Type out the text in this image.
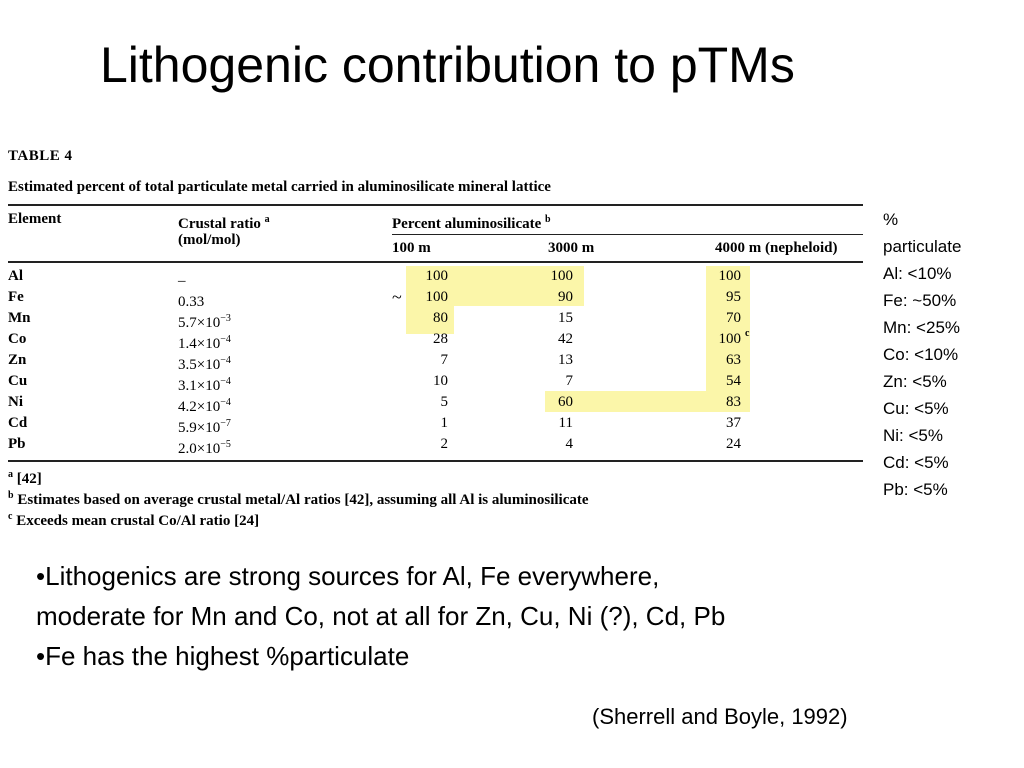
Lithogenic contribution to pTMs
TABLE 4
Estimated percent of total particulate metal carried in aluminosilicate mineral lattice
Element	Crustal ratio $^a$
(mol/mol)
Percent aluminosilicate $^b$
100 m	3000 m	4000 m (nepheloid)
~
Al	–	100	100	100
Fe	0.33	100	90	95
Mn	$5.7\times 10^{-3}$	80	15	70
Co	$1.4\times 10^{-4}$	28	42	100 c
Zn	$3.5\times 10^{-4}$	7	13	63
Cu	$3.1\times 10^{-4}$	10	7	54
Ni	$4.2\times 10^{-4}$	5	60	83
Cd	$5.9\times 10^{-7}$	1	11	37
Pb	$2.0\times 10^{-5}$	2	4	24
$^a$ [42]
$^b$ Estimates based on average crustal metal/Al ratios [42], assuming all Al is aluminosilicate
$^c$ Exceeds mean crustal Co/Al ratio [24]
%
particulate
Al: <10%
Fe: ~50%
Mn: <25%
Co: <10%
Zn: <5%
Cu: <5%
Ni: <5%
Cd: <5%
Pb: <5%
•Lithogenics are strong sources for Al, Fe everywhere,
moderate for Mn and Co, not at all for Zn, Cu, Ni (?), Cd, Pb
•Fe has the highest %particulate
(Sherrell and Boyle, 1992)
